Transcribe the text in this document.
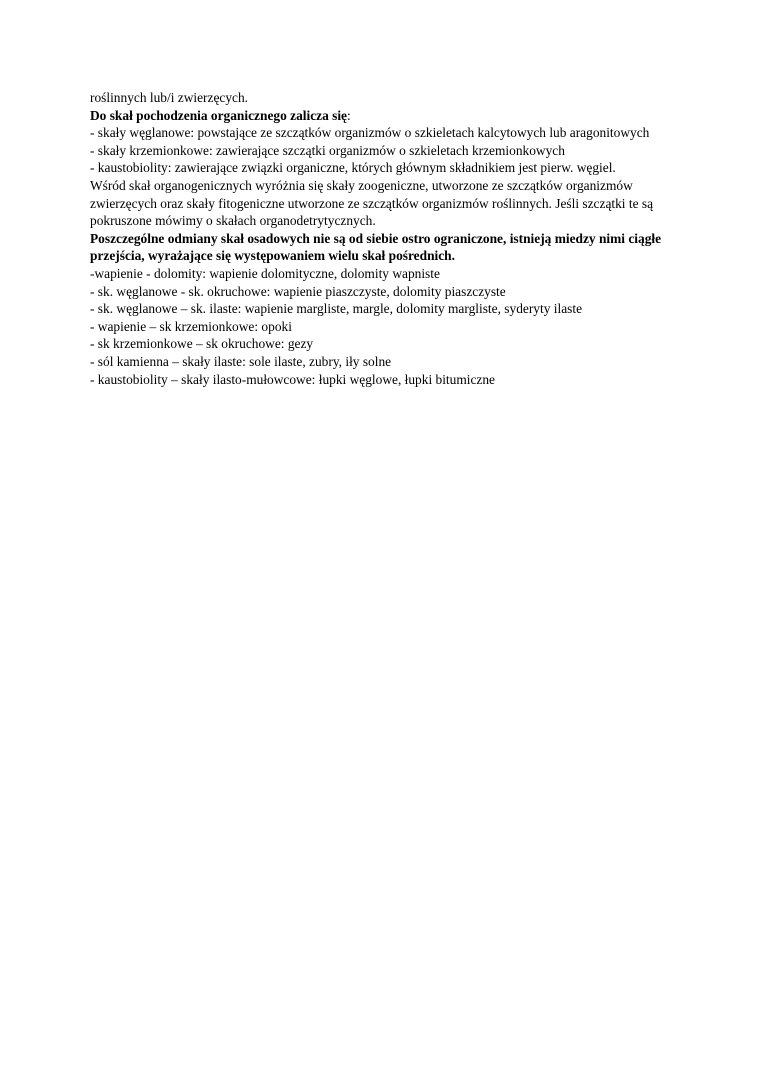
roślinnych lub/i zwierzęcych.

Do skał pochodzenia organicznego zalicza się:

- skały węglanowe: powstające ze szczątków organizmów o szkieletach kalcytowych lub aragonitowych

- skały krzemionkowe: zawierające szczątki organizmów o szkieletach krzemionkowych

- kaustobiolity: zawierające związki organiczne, których głównym składnikiem jest pierw. węgiel.

Wśród skał organogenicznych wyróżnia się skały zoogeniczne, utworzone ze szczątków organizmów zwierzęcych oraz skały fitogeniczne utworzone ze szczątków organizmów roślinnych. Jeśli szczątki te są pokruszone mówimy o skałach organodetrytycznych.

Poszczególne odmiany skał osadowych nie są od siebie ostro ograniczone, istnieją miedzy nimi ciągłe przejścia, wyrażające się występowaniem wielu skał pośrednich.

-wapienie - dolomity: wapienie dolomityczne, dolomity wapniste

- sk. węglanowe - sk. okruchowe: wapienie piaszczyste, dolomity piaszczyste

- sk. węglanowe – sk. ilaste: wapienie margliste, margle, dolomity margliste, syderyty ilaste

- wapienie – sk krzemionkowe: opoki

- sk krzemionkowe – sk okruchowe: gezy

- sól kamienna – skały ilaste: sole ilaste, zubry, iły solne

- kaustobiolity – skały ilasto-mułowcowe: łupki węglowe, łupki bitumiczne
